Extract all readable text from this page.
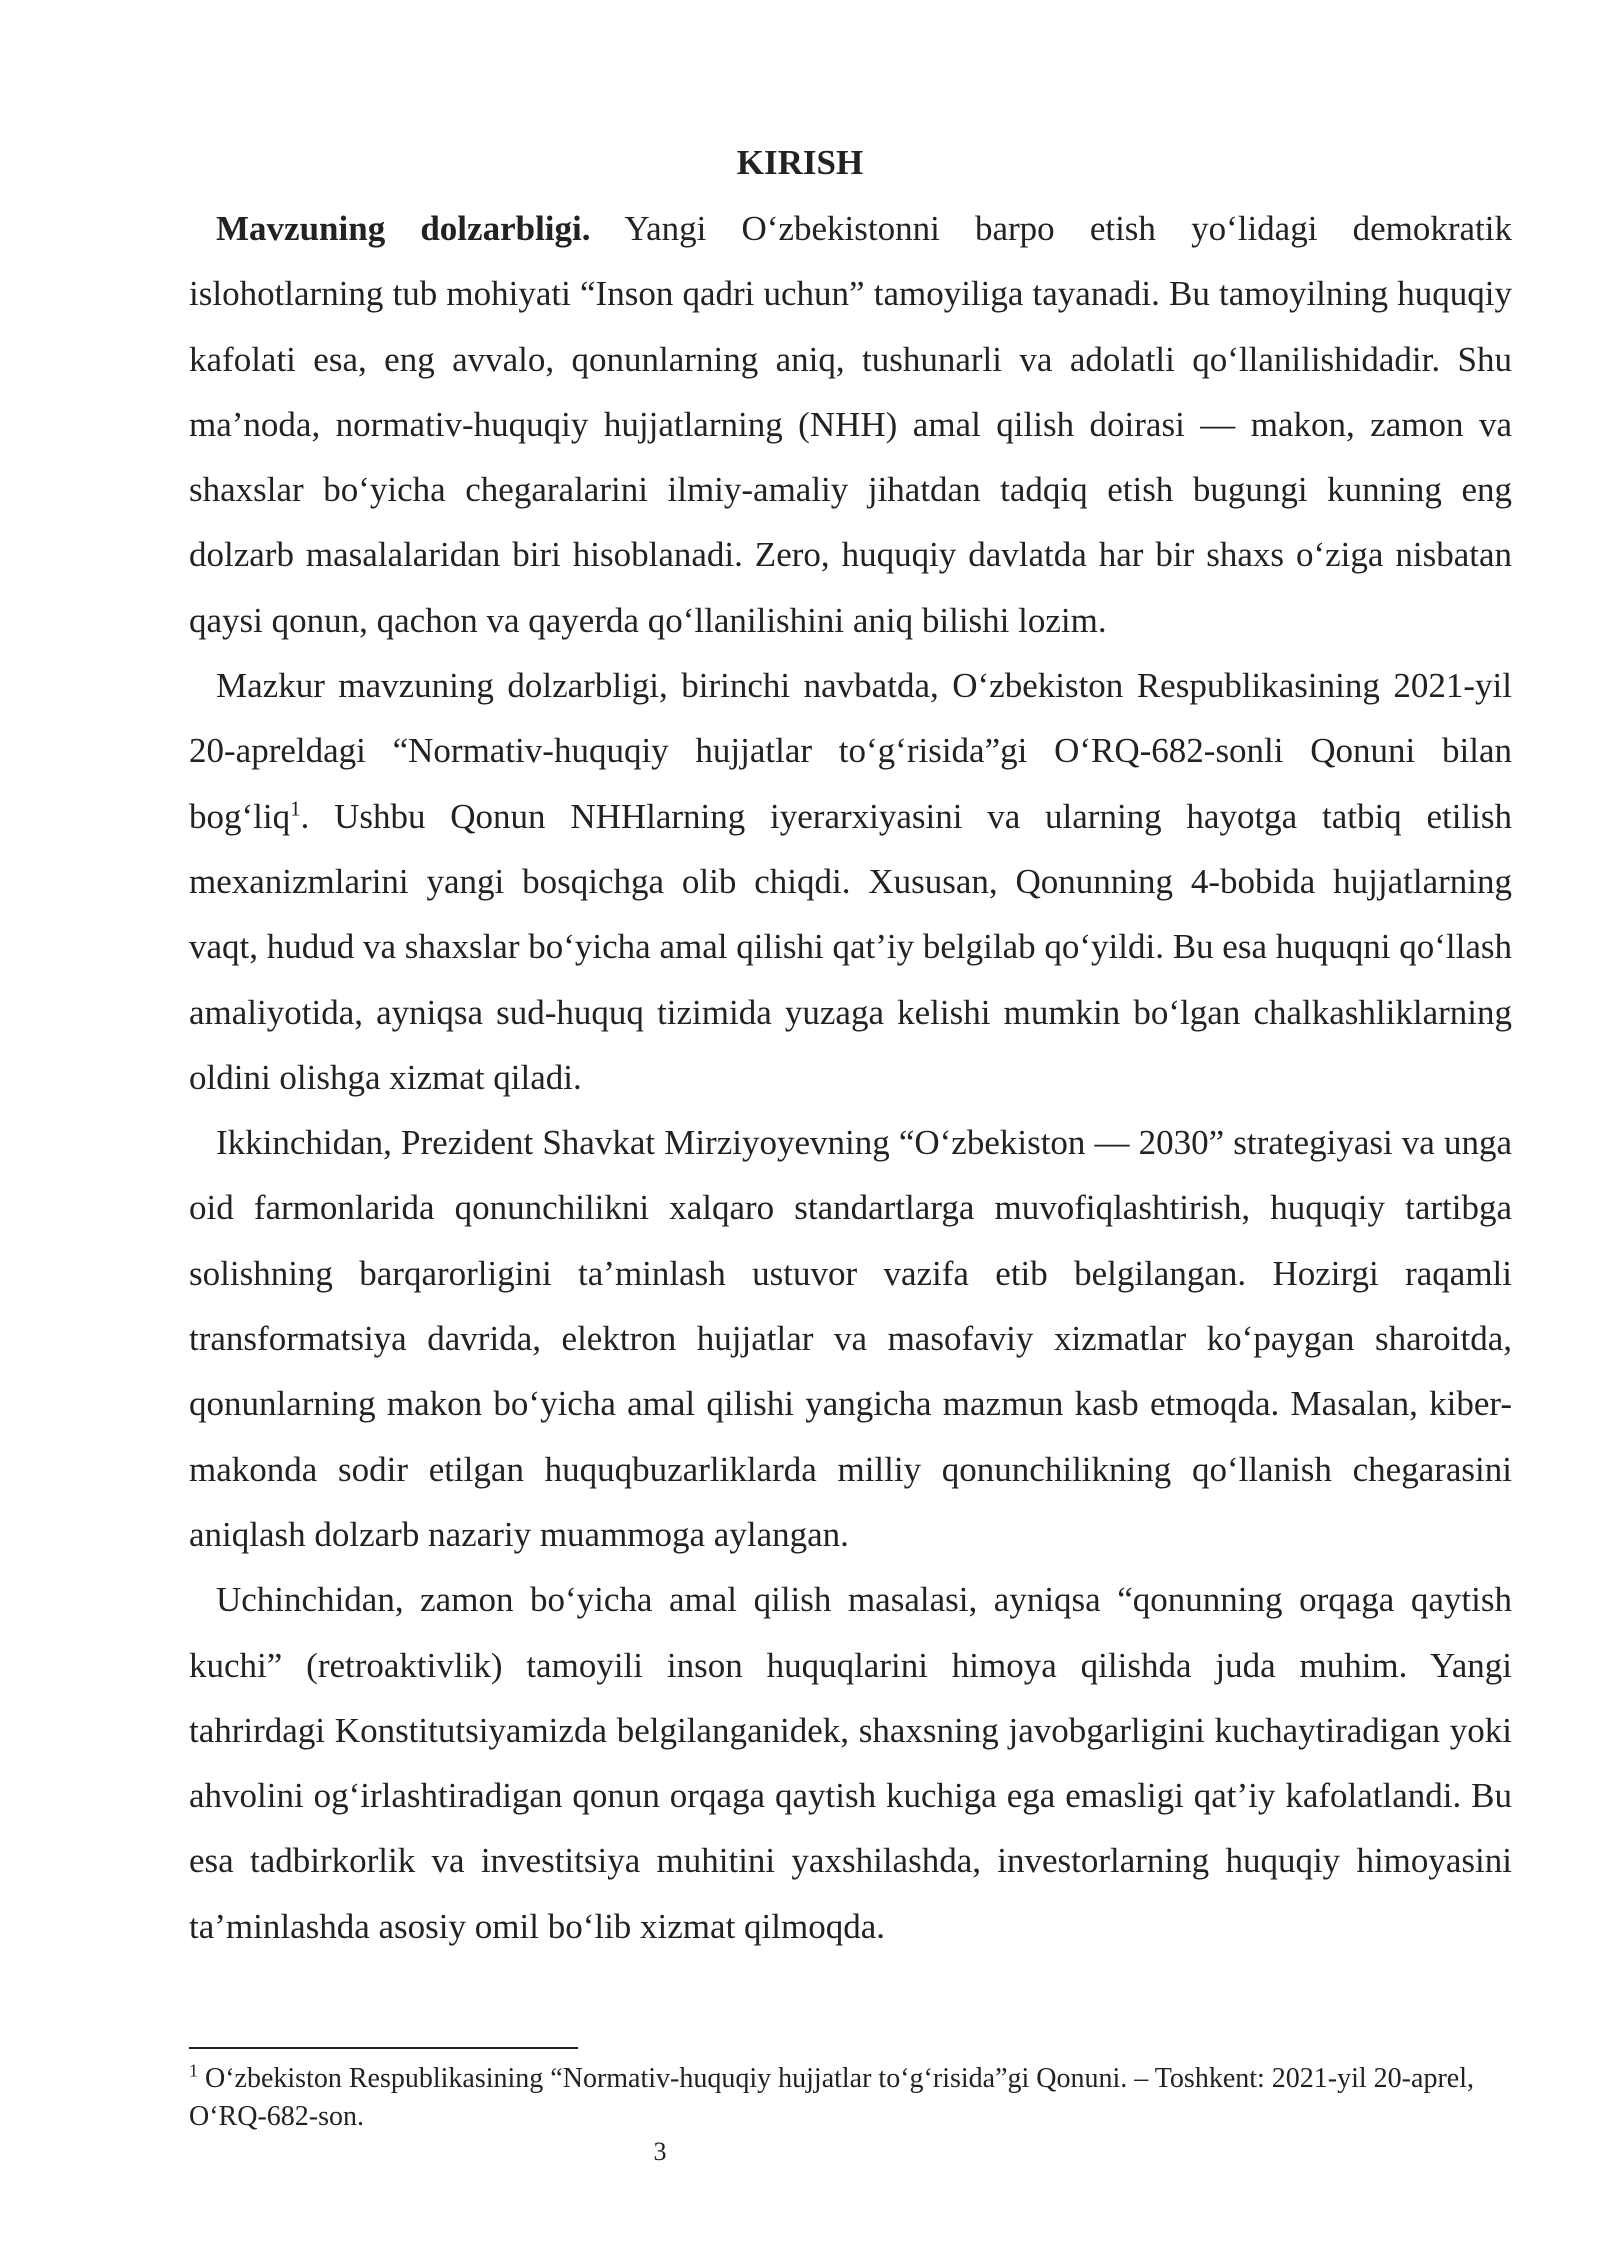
KIRISH

Mavzuning dolzarbligi. Yangi O‘zbekistonni barpo etish yo‘lidagi demokratik islohotlarning tub mohiyati “Inson qadri uchun” tamoyiliga tayanadi. Bu tamoyilning huquqiy kafolati esa, eng avvalo, qonunlarning aniq, tushunarli va adolatli qo‘llanilishidadir. Shu ma’noda, normativ-huquqiy hujjatlarning (NHH) amal qilish doirasi — makon, zamon va shaxslar bo‘yicha chegaralarini ilmiy-amaliy jihatdan tadqiq etish bugungi kunning eng dolzarb masalalaridan biri hisoblanadi. Zero, huquqiy davlatda har bir shaxs o‘ziga nisbatan qaysi qonun, qachon va qayerda qo‘llanilishini aniq bilishi lozim.

Mazkur mavzuning dolzarbligi, birinchi navbatda, O‘zbekiston Respublikasining 2021-yil 20-apreldagi “Normativ-huquqiy hujjatlar to‘g‘risida”gi O‘RQ-682-sonli Qonuni bilan bog‘liq$^1$. Ushbu Qonun NHHlarning iyerarxiyasini va ularning hayotga tatbiq etilish mexanizmlarini yangi bosqichga olib chiqdi. Xususan, Qonunning 4-bobida hujjatlarning vaqt, hudud va shaxslar bo‘yicha amal qilishi qat’iy belgilab qo‘yildi. Bu esa huquqni qo‘llash amaliyotida, ayniqsa sud-huquq tizimida yuzaga kelishi mumkin bo‘lgan chalkashliklarning oldini olishga xizmat qiladi.

Ikkinchidan, Prezident Shavkat Mirziyoyevning “O‘zbekiston — 2030” strategiyasi va unga oid farmonlarida qonunchilikni xalqaro standartlarga muvofiqlashtirish, huquqiy tartibga solishning barqarorligini ta’minlash ustuvor vazifa etib belgilangan. Hozirgi raqamli transformatsiya davrida, elektron hujjatlar va masofaviy xizmatlar ko‘paygan sharoitda, qonunlarning makon bo‘yicha amal qilishi yangicha mazmun kasb etmoqda. Masalan, kiber-makonda sodir etilgan huquqbuzarliklarda milliy qonunchilikning qo‘llanish chegarasini aniqlash dolzarb nazariy muammoga aylangan.

Uchinchidan, zamon bo‘yicha amal qilish masalasi, ayniqsa “qonunning orqaga qaytish kuchi” (retroaktivlik) tamoyili inson huquqlarini himoya qilishda juda muhim. Yangi tahrirdagi Konstitutsiyamizda belgilanganidek, shaxsning javobgarligini kuchaytiradigan yoki ahvolini og‘irlashtiradigan qonun orqaga qaytish kuchiga ega emasligi qat’iy kafolatlandi. Bu esa tadbirkorlik va investitsiya muhitini yaxshilashda, investorlarning huquqiy himoyasini ta’minlashda asosiy omil bo‘lib xizmat qilmoqda.

$^1$ O‘zbekiston Respublikasining “Normativ-huquqiy hujjatlar to‘g‘risida”gi Qonuni. – Toshkent: 2021-yil 20-aprel, O‘RQ-682-son.

3
